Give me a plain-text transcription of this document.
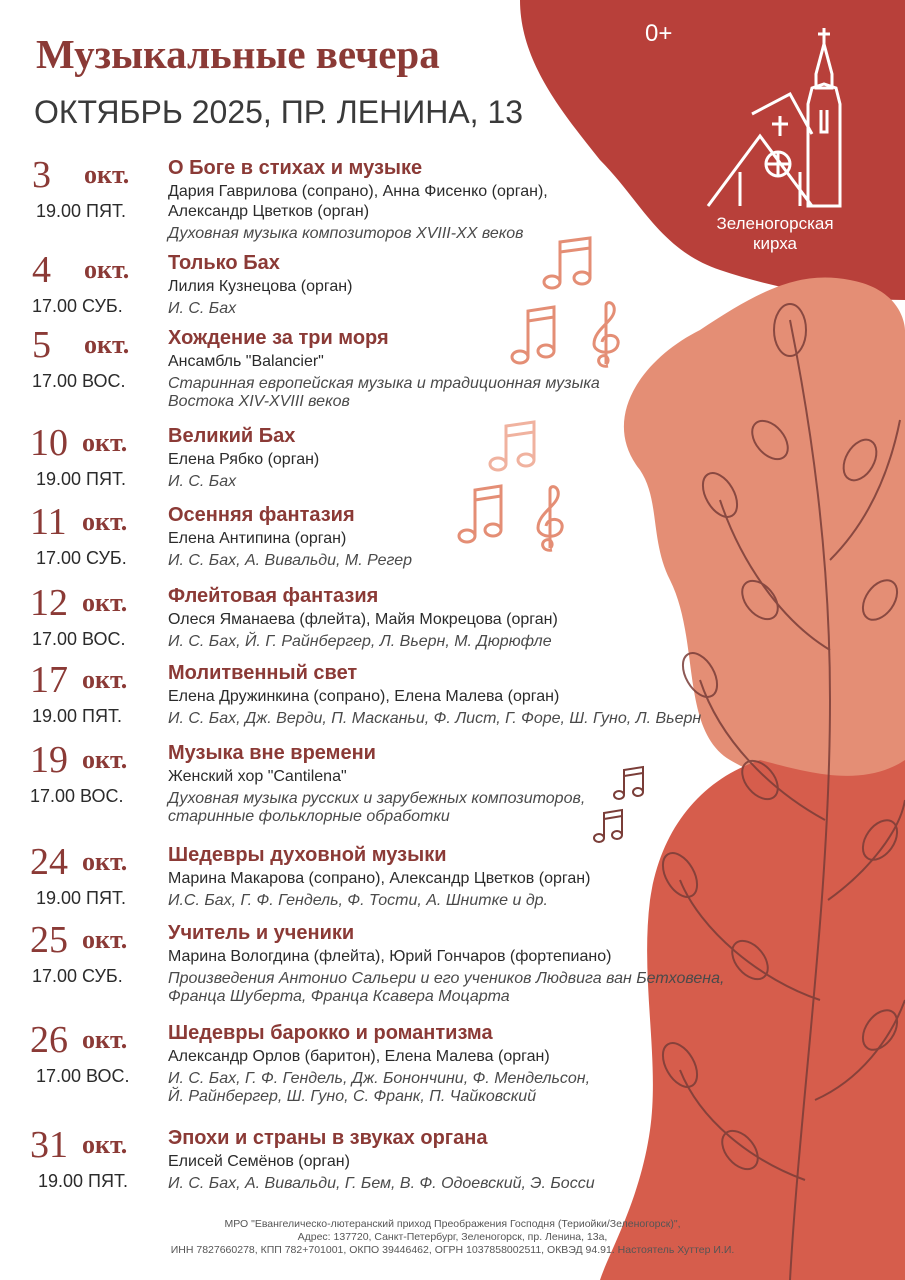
0+
Зеленогорская
кирха
Музыкальные вечера
ОКТЯБРЬ 2025, ПР. ЛЕНИНА, 13
3 окт.
19.00 ПЯТ.
О Боге в стихах и музыке
Дария Гаврилова (сопрано), Анна Фисенко (орган),
Александр Цветков (орган)
Духовная музыка композиторов XVIII-XX веков
4 окт.
17.00 СУБ.
Только Бах
Лилия Кузнецова (орган)
И. С. Бах
5 окт.
17.00 ВОС.
Хождение за три моря
Ансамбль "Balancier"
Старинная европейская музыка и традиционная музыка
Востока XIV-XVIII веков
10 окт.
19.00 ПЯТ.
Великий Бах
Елена Рябко (орган)
И. С. Бах
11 окт.
17.00 СУБ.
Осенняя фантазия
Елена Антипина (орган)
И. С. Бах, А. Вивальди, М. Регер
12 окт.
17.00 ВОС.
Флейтовая фантазия
Олеся Яманаева (флейта), Майя Мокрецова (орган)
И. С. Бах, Й. Г. Райнбергер, Л. Вьерн, М. Дюрюфле
17 окт.
19.00 ПЯТ.
Молитвенный свет
Елена Дружинкина (сопрано), Елена Малева (орган)
И. С. Бах, Дж. Верди, П. Масканьи, Ф. Лист, Г. Форе, Ш. Гуно, Л. Вьерн
19 окт.
17.00 ВОС.
Музыка вне времени
Женский хор "Cantilena"
Духовная музыка русских и зарубежных композиторов,
старинные фольклорные обработки
24 окт.
19.00 ПЯТ.
Шедевры духовной музыки
Марина Макарова (сопрано), Александр Цветков (орган)
И.С. Бах, Г. Ф. Гендель, Ф. Тости, А. Шнитке и др.
25 окт.
17.00 СУБ.
Учитель и ученики
Марина Вологдина (флейта), Юрий Гончаров (фортепиано)
Произведения Антонио Сальери и его учеников Людвига ван Бетховена,
Франца Шуберта, Франца Ксавера Моцарта
26 окт.
17.00 ВОС.
Шедевры барокко и романтизма
Александр Орлов (баритон), Елена Малева (орган)
И. С. Бах, Г. Ф. Гендель, Дж. Бонончини, Ф. Мендельсон,
Й. Райнбергер, Ш. Гуно, С. Франк, П. Чайковский
31 окт.
19.00 ПЯТ.
Эпохи и страны в звуках органа
Елисей Семёнов (орган)
И. С. Бах, А. Вивальди, Г. Бем, В. Ф. Одоевский, Э. Босси
МРО "Евангелическо-лютеранский приход Преображения Господня (Териойки/Зеленогорск)",
Адрес: 137720, Санкт-Петербург, Зеленогорск, пр. Ленина, 13а,
ИНН 7827660278, КПП 782+701001, ОКПО 39446462, ОГРН 1037858002511, ОКВЭД 94.91. Настоятель Хуттер И.И.
